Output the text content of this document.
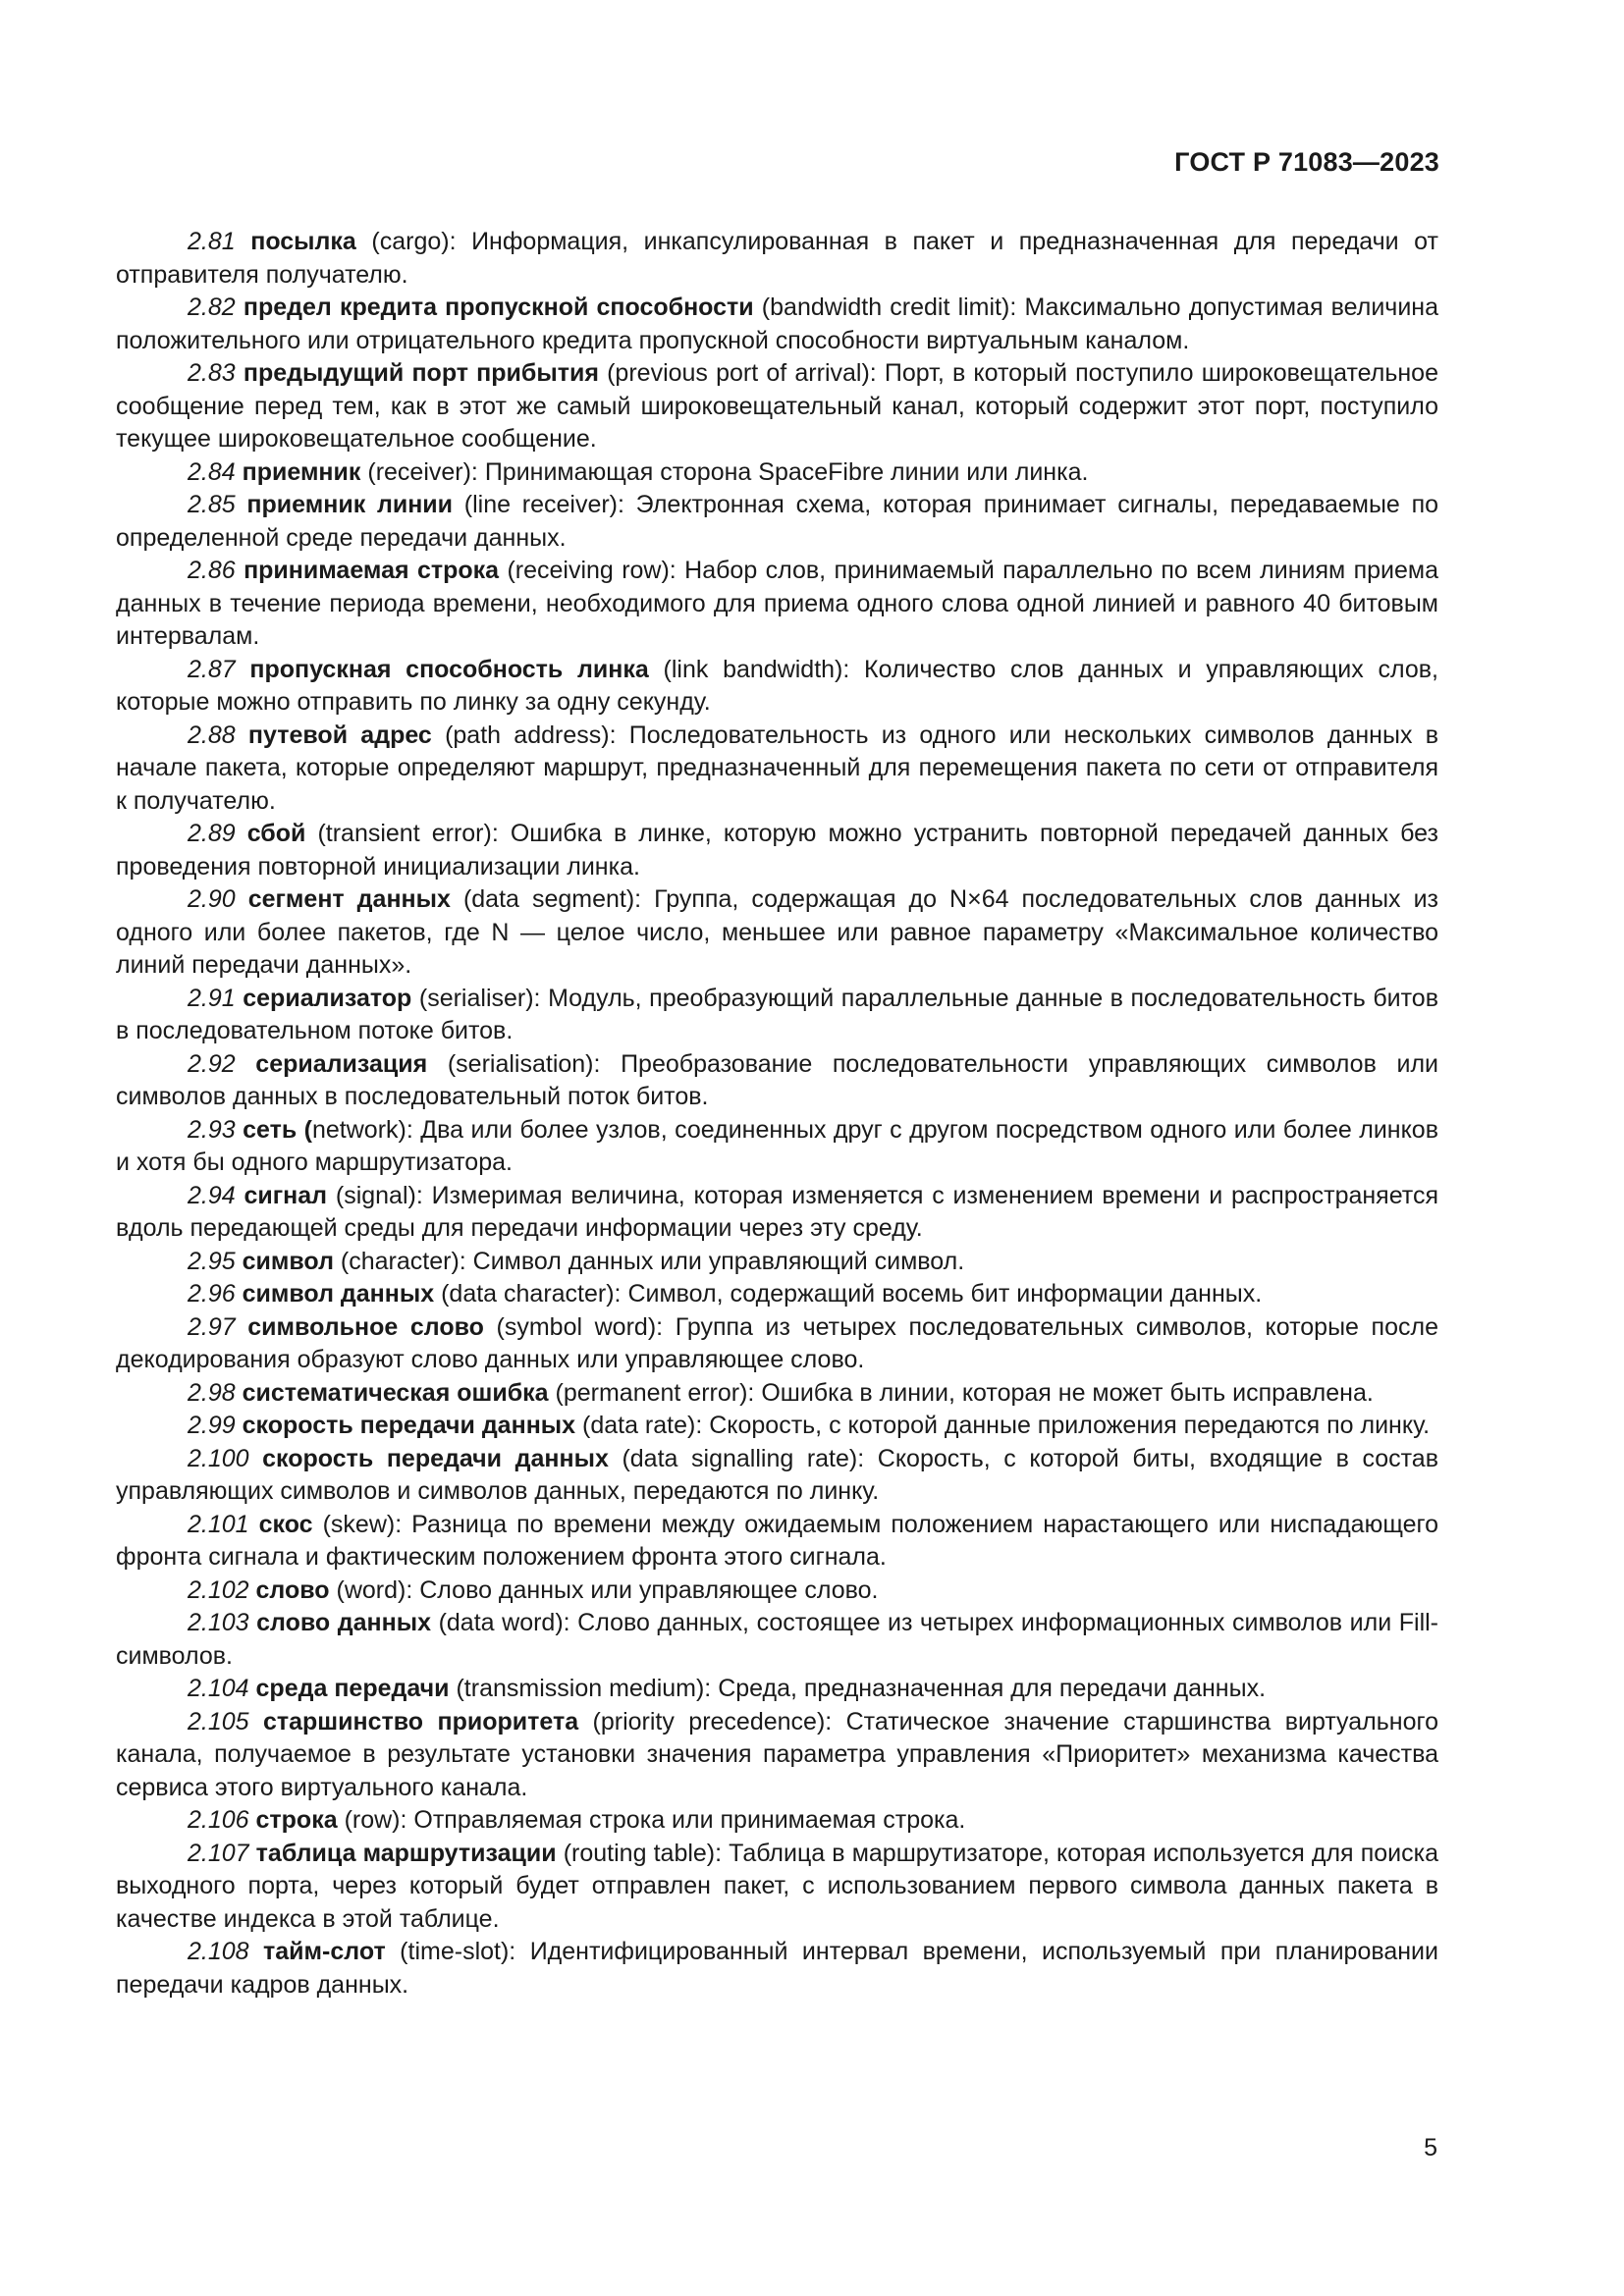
ГОСТ Р 71083—2023

2.81 посылка (cargo): Информация, инкапсулированная в пакет и предназначенная для передачи от отправителя получателю.

2.82 предел кредита пропускной способности (bandwidth credit limit): Максимально допустимая величина положительного или отрицательного кредита пропускной способности виртуальным каналом.

2.83 предыдущий порт прибытия (previous port of arrival): Порт, в который поступило широковещательное сообщение перед тем, как в этот же самый широковещательный канал, который содержит этот порт, поступило текущее широковещательное сообщение.

2.84 приемник (receiver): Принимающая сторона SpaceFibre линии или линка.

2.85 приемник линии (line receiver): Электронная схема, которая принимает сигналы, передаваемые по определенной среде передачи данных.

2.86 принимаемая строка (receiving row): Набор слов, принимаемый параллельно по всем линиям приема данных в течение периода времени, необходимого для приема одного слова одной линией и равного 40 битовым интервалам.

2.87 пропускная способность линка (link bandwidth): Количество слов данных и управляющих слов, которые можно отправить по линку за одну секунду.

2.88 путевой адрес (path address): Последовательность из одного или нескольких символов данных в начале пакета, которые определяют маршрут, предназначенный для перемещения пакета по сети от отправителя к получателю.

2.89 сбой (transient error): Ошибка в линке, которую можно устранить повторной передачей данных без проведения повторной инициализации линка.

2.90 сегмент данных (data segment): Группа, содержащая до N×64 последовательных слов данных из одного или более пакетов, где N — целое число, меньшее или равное параметру «Максимальное количество линий передачи данных».

2.91 сериализатор (serialiser): Модуль, преобразующий параллельные данные в последовательность битов в последовательном потоке битов.

2.92 сериализация (serialisation): Преобразование последовательности управляющих символов или символов данных в последовательный поток битов.

2.93 сеть (network): Два или более узлов, соединенных друг с другом посредством одного или более линков и хотя бы одного маршрутизатора.

2.94 сигнал (signal): Измеримая величина, которая изменяется с изменением времени и распространяется вдоль передающей среды для передачи информации через эту среду.

2.95 символ (character): Символ данных или управляющий символ.

2.96 символ данных (data character): Символ, содержащий восемь бит информации данных.

2.97 символьное слово (symbol word): Группа из четырех последовательных символов, которые после декодирования образуют слово данных или управляющее слово.

2.98 систематическая ошибка (permanent error): Ошибка в линии, которая не может быть исправлена.

2.99 скорость передачи данных (data rate): Скорость, с которой данные приложения передаются по линку.

2.100 скорость передачи данных (data signalling rate): Скорость, с которой биты, входящие в состав управляющих символов и символов данных, передаются по линку.

2.101 скос (skew): Разница по времени между ожидаемым положением нарастающего или ниспадающего фронта сигнала и фактическим положением фронта этого сигнала.

2.102 слово (word): Слово данных или управляющее слово.

2.103 слово данных (data word): Слово данных, состоящее из четырех информационных символов или Fill-символов.

2.104 среда передачи (transmission medium): Среда, предназначенная для передачи данных.

2.105 старшинство приоритета (priority precedence): Статическое значение старшинства виртуального канала, получаемое в результате установки значения параметра управления «Приоритет» механизма качества сервиса этого виртуального канала.

2.106 строка (row): Отправляемая строка или принимаемая строка.

2.107 таблица маршрутизации (routing table): Таблица в маршрутизаторе, которая используется для поиска выходного порта, через который будет отправлен пакет, с использованием первого символа данных пакета в качестве индекса в этой таблице.

2.108 тайм-слот (time-slot): Идентифицированный интервал времени, используемый при планировании передачи кадров данных.

5
